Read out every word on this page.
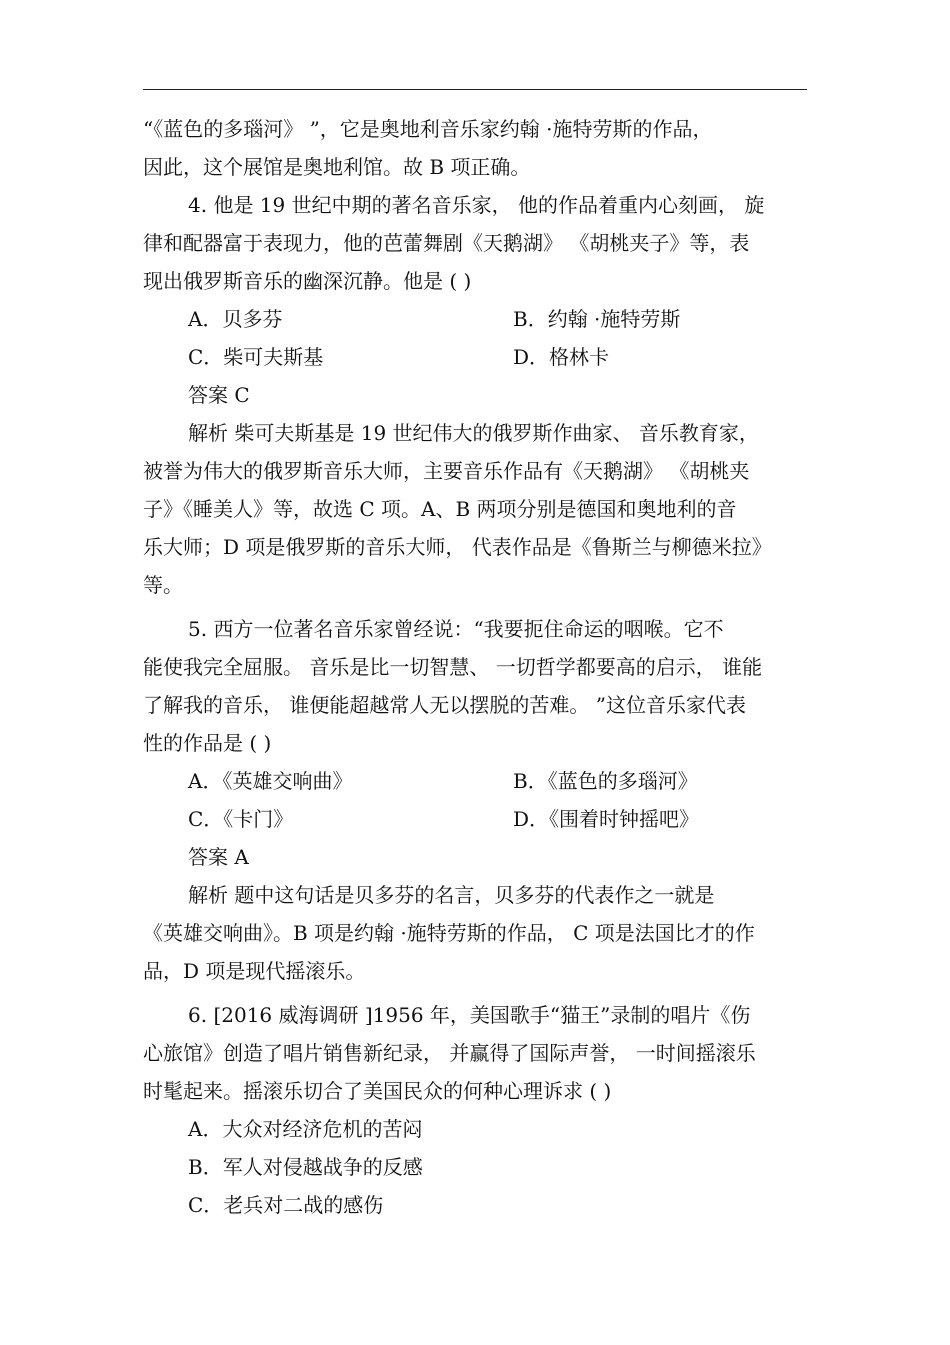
“《蓝色的多瑙河》 ”，它是奥地利音乐家约翰 ·施特劳斯的作品，
因此，这个展馆是奥地利馆。故 B 项正确。
4. 他是 19 世纪中期的著名音乐家， 他的作品着重内心刻画， 旋
律和配器富于表现力，他的芭蕾舞剧《天鹅湖》 《胡桃夹子》等，表
现出俄罗斯音乐的幽深沉静。他是 ( )
A．贝多芬	B．约翰 ·施特劳斯
C．柴可夫斯基	D．格林卡
答案 C
解析 柴可夫斯基是 19 世纪伟大的俄罗斯作曲家、 音乐教育家，
被誉为伟大的俄罗斯音乐大师，主要音乐作品有《天鹅湖》 《胡桃夹
子》《睡美人》等，故选 C 项。A、B 两项分别是德国和奥地利的音
乐大师；D 项是俄罗斯的音乐大师， 代表作品是《鲁斯兰与柳德米拉》
等。
5. 西方一位著名音乐家曾经说：“我要扼住命运的咽喉。它不
能使我完全屈服。 音乐是比一切智慧、 一切哲学都要高的启示， 谁能
了解我的音乐， 谁便能超越常人无以摆脱的苦难。 ”这位音乐家代表
性的作品是 ( )
A．《英雄交响曲》	B．《蓝色的多瑙河》
C．《卡门》	D．《围着时钟摇吧》
答案 A
解析 题中这句话是贝多芬的名言，贝多芬的代表作之一就是
《英雄交响曲》。B 项是约翰 ·施特劳斯的作品， C 项是法国比才的作
品，D 项是现代摇滚乐。
6. [2016 威海调研 ]1956 年，美国歌手“猫王”录制的唱片《伤
心旅馆》创造了唱片销售新纪录， 并赢得了国际声誉， 一时间摇滚乐
时髦起来。摇滚乐切合了美国民众的何种心理诉求 ( )
A．大众对经济危机的苦闷
B．军人对侵越战争的反感
C．老兵对二战的感伤
